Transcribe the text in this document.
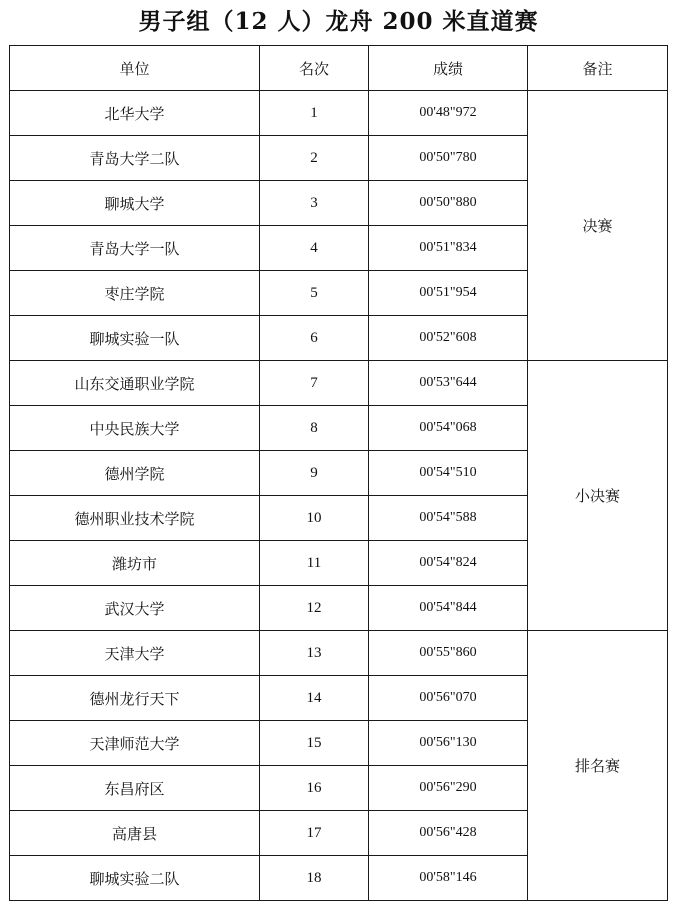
男子组（12 人）龙舟 200 米直道赛
单位	名次	成绩	备注
北华大学	1	00'48"972	决赛
青岛大学二队	2	00'50"780	
聊城大学	3	00'50"880	
青岛大学一队	4	00'51"834	
枣庄学院	5	00'51"954	
聊城实验一队	6	00'52"608	
山东交通职业学院	7	00'53"644	小决赛
中央民族大学	8	00'54"068	
德州学院	9	00'54"510	
德州职业技术学院	10	00'54"588	
潍坊市	11	00'54"824	
武汉大学	12	00'54"844	
天津大学	13	00'55"860	排名赛
德州龙行天下	14	00'56"070	
天津师范大学	15	00'56"130	
东昌府区	16	00'56"290	
高唐县	17	00'56"428	
聊城实验二队	18	00'58"146	
